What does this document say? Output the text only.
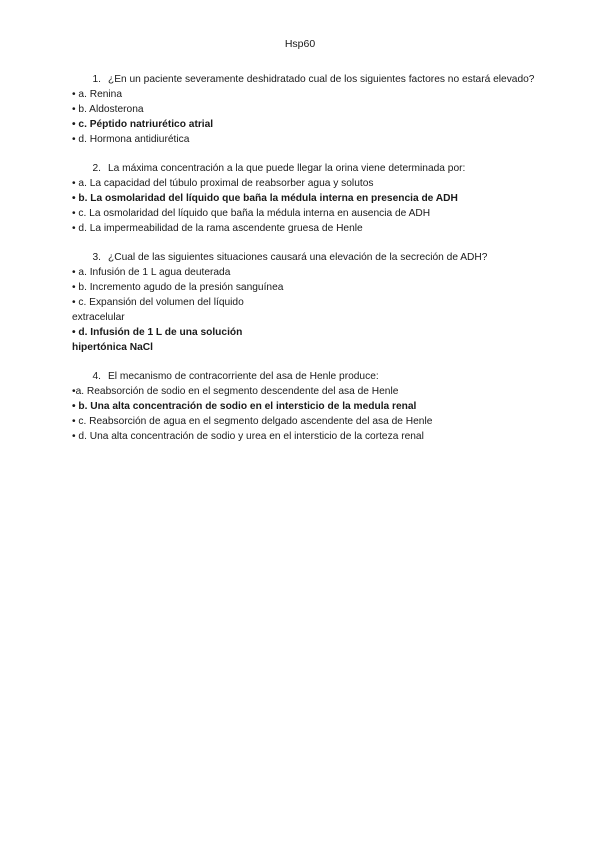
Hsp60
1. ¿En un paciente severamente deshidratado cual de los siguientes factores no estará elevado?
• a. Renina
• b. Aldosterona
• c. Péptido natriurético atrial
• d. Hormona antidiurética
2. La máxima concentración a la que puede llegar la orina viene determinada por:
• a. La capacidad del túbulo proximal de reabsorber agua y solutos
• b. La osmolaridad del líquido que baña la médula interna en presencia de ADH
• c. La osmolaridad del líquido que baña la médula interna en ausencia de ADH
• d. La impermeabilidad de la rama ascendente gruesa de Henle
3. ¿Cual de las siguientes situaciones causará una elevación de la secreción de ADH?
• a. Infusión de 1 L agua deuterada
• b. Incremento agudo de la presión sanguínea
• c. Expansión del volumen del líquido extracelular
• d. Infusión de 1 L de una solución hipertónica NaCl
4. El mecanismo de contracorriente del asa de Henle produce:
•a. Reabsorción de sodio en el segmento descendente del asa de Henle
• b. Una alta concentración de sodio en el intersticio de la medula renal
• c. Reabsorción de agua en el segmento delgado ascendente del asa de Henle
• d. Una alta concentración de sodio y urea en el intersticio de la corteza renal
